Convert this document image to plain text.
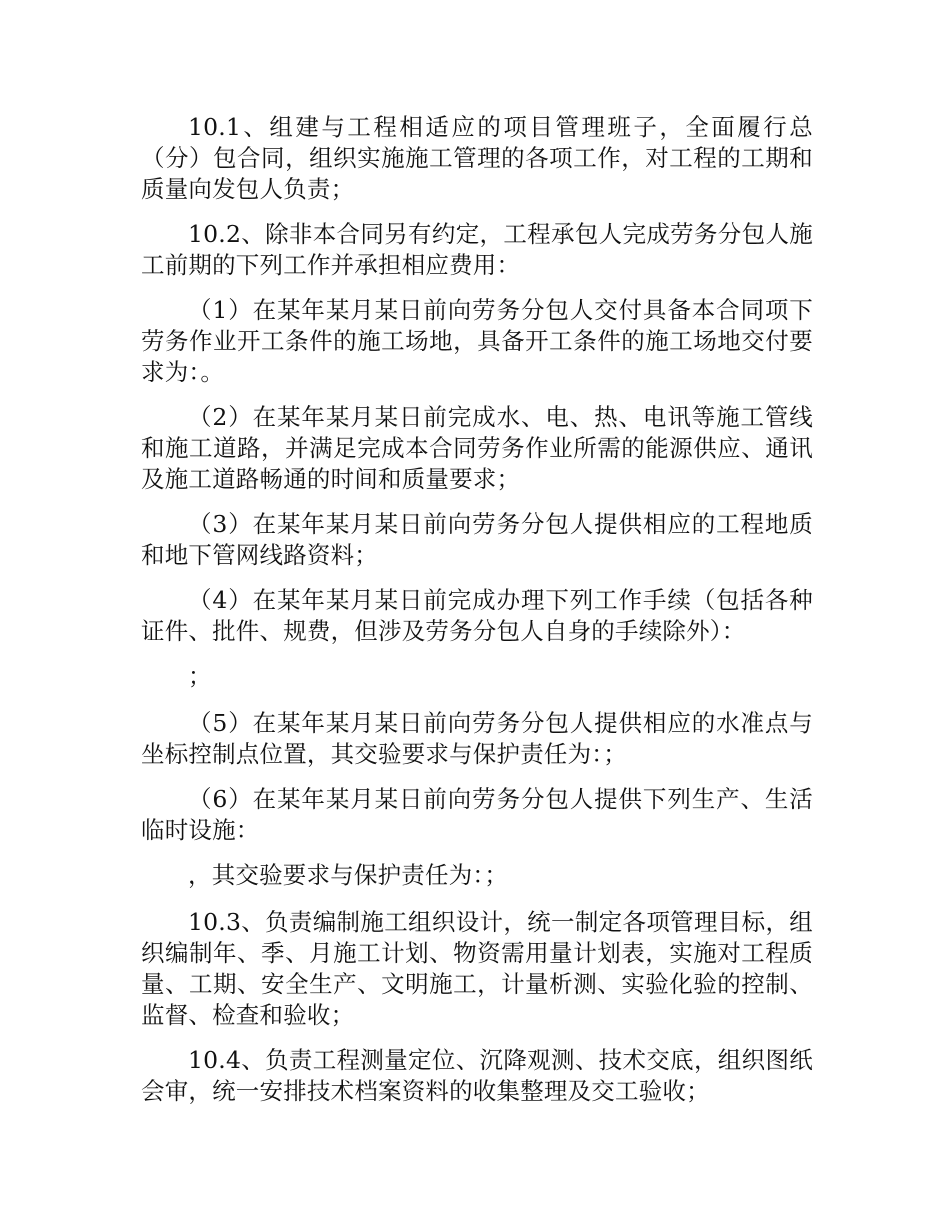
10.1、组建与工程相适应的项目管理班子，全面履行总（分）包合同，组织实施施工管理的各项工作，对工程的工期和质量向发包人负责；

10.2、除非本合同另有约定，工程承包人完成劳务分包人施工前期的下列工作并承担相应费用：

（1）在某年某月某日前向劳务分包人交付具备本合同项下劳务作业开工条件的施工场地，具备开工条件的施工场地交付要求为：。

（2）在某年某月某日前完成水、电、热、电讯等施工管线和施工道路，并满足完成本合同劳务作业所需的能源供应、通讯及施工道路畅通的时间和质量要求；

（3）在某年某月某日前向劳务分包人提供相应的工程地质和地下管网线路资料；

（4）在某年某月某日前完成办理下列工作手续（包括各种证件、批件、规费，但涉及劳务分包人自身的手续除外）：

；

（5）在某年某月某日前向劳务分包人提供相应的水准点与坐标控制点位置，其交验要求与保护责任为：；

（6）在某年某月某日前向劳务分包人提供下列生产、生活临时设施：

，其交验要求与保护责任为：；

10.3、负责编制施工组织设计，统一制定各项管理目标，组织编制年、季、月施工计划、物资需用量计划表，实施对工程质量、工期、安全生产、文明施工，计量析测、实验化验的控制、监督、检查和验收；

10.4、负责工程测量定位、沉降观测、技术交底，组织图纸会审，统一安排技术档案资料的收集整理及交工验收；
